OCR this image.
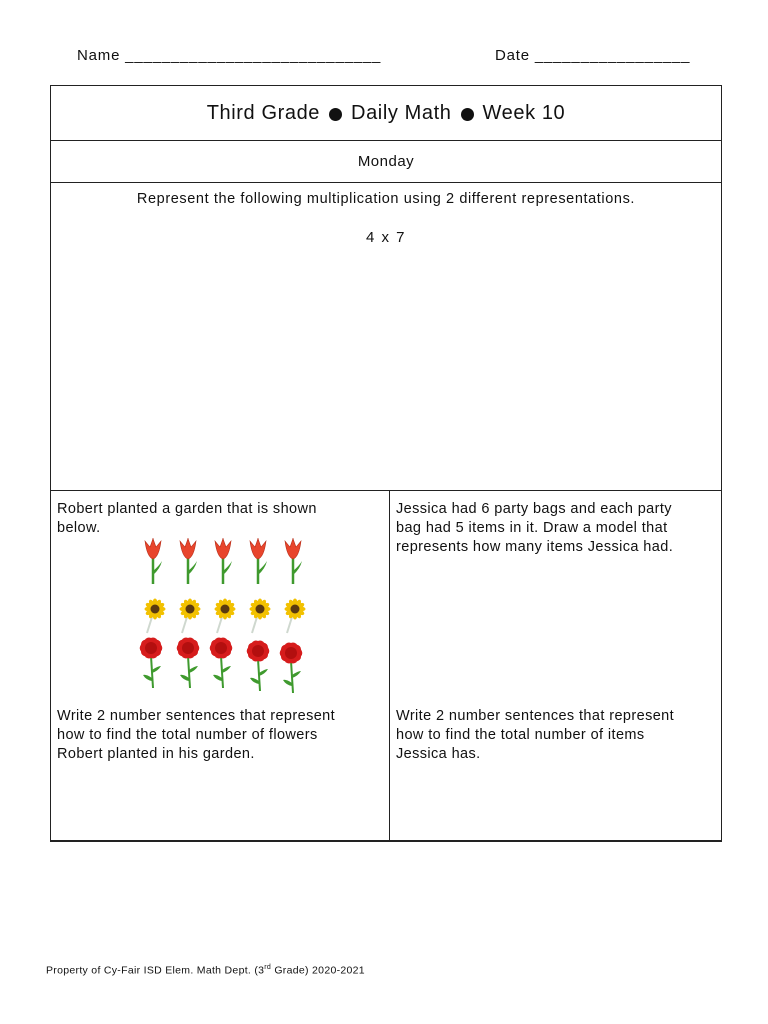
Name ____________________________	Date _________________
Third Grade Daily Math Week 10
Monday
Represent the following multiplication using 2 different representations.
4 x 7
Robert planted a garden that is shown
below.
Write 2 number sentences that represent
how to find the total number of flowers
Robert planted in his garden.
Jessica had 6 party bags and each party
bag had 5 items in it. Draw a model that
represents how many items Jessica had.
Write 2 number sentences that represent
how to find the total number of items
Jessica has.
Property of Cy-Fair ISD Elem. Math Dept. (3rd Grade) 2020-2021
